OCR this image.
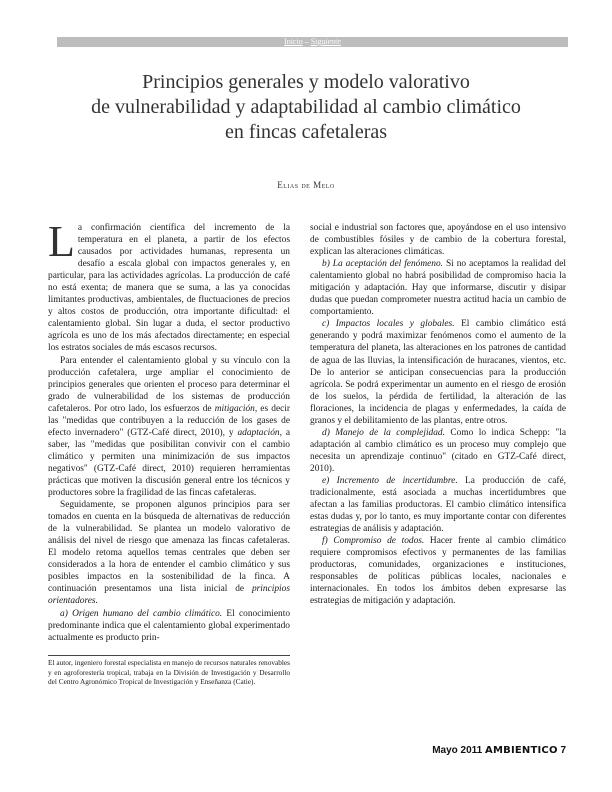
Inicio – Siguiente
Principios generales y modelo valorativo
de vulnerabilidad y adaptabilidad al cambio climático
en fincas cafetaleras
Elias de Melo

La confirmación científica del incremento de la temperatura en el planeta, a partir de los efectos causados por actividades humanas, representa un desafío a escala global con impactos generales y, en particular, para las actividades agrícolas. La producción de café no está exenta; de manera que se suma, a las ya conocidas limitantes productivas, ambientales, de fluctuaciones de precios y altos costos de producción, otra importante dificultad: el calentamiento global. Sin lugar a duda, el sector productivo agrícola es uno de los más afectados directamente; en especial los estratos sociales de más escasos recursos.

Para entender el calentamiento global y su vínculo con la producción cafetalera, urge ampliar el conocimiento de principios generales que orienten el proceso para determinar el grado de vulnerabilidad de los sistemas de producción cafetaleros. Por otro lado, los esfuerzos de mitigación, es decir las "medidas que contribuyen a la reducción de los gases de efecto invernadero" (GTZ-Café direct, 2010), y adaptación, a saber, las "medidas que posibilitan convivir con el cambio climático y permiten una minimización de sus impactos negativos" (GTZ-Café direct, 2010) requieren herramientas prácticas que motiven la discusión general entre los técnicos y productores sobre la fragilidad de las fincas cafetaleras.

Seguidamente, se proponen algunos principios para ser tomados en cuenta en la búsqueda de alternativas de reducción de la vulnerabilidad. Se plantea un modelo valorativo de análisis del nivel de riesgo que amenaza las fincas cafetaleras. El modelo retoma aquellos temas centrales que deben ser considerados a la hora de entender el cambio climático y sus posibles impactos en la sostenibilidad de la finca. A continuación presentamos una lista inicial de principios orientadores.

a) Origen humano del cambio climático. El conocimiento predominante indica que el calentamiento global experimentado actualmente es producto prin-

El autor, ingeniero forestal especialista en manejo de recursos naturales renovables y en agroforestería tropical, trabaja en la División de Investigación y Desarrollo del Centro Agronómico Tropical de Investigación y Enseñanza (Catie).

social e industrial son factores que, apoyándose en el uso intensivo de combustibles fósiles y de cambio de la cobertura forestal, explican las alteraciones climáticas.

b) La aceptación del fenómeno. Si no aceptamos la realidad del calentamiento global no habrá posibilidad de compromiso hacia la mitigación y adaptación. Hay que informarse, discutir y disipar dudas que puedan comprometer nuestra actitud hacia un cambio de comportamiento.

c) Impactos locales y globales. El cambio climático está generando y podrá maximizar fenómenos como el aumento de la temperatura del planeta, las alteraciones en los patrones de cantidad de agua de las lluvias, la intensificación de huracanes, vientos, etc. De lo anterior se anticipan consecuencias para la producción agrícola. Se podrá experimentar un aumento en el riesgo de erosión de los suelos, la pérdida de fertilidad, la alteración de las floraciones, la incidencia de plagas y enfermedades, la caída de granos y el debilitamiento de las plantas, entre otros.

d) Manejo de la complejidad. Como lo indica Schepp: "la adaptación al cambio climático es un proceso muy complejo que necesita un aprendizaje continuo" (citado en GTZ-Café direct, 2010).

e) Incremento de incertidumbre. La producción de café, tradicionalmente, está asociada a muchas incertidumbres que afectan a las familias productoras. El cambio climático intensifica estas dudas y, por lo tanto, es muy importante contar con diferentes estrategias de análisis y adaptación.

f) Compromiso de todos. Hacer frente al cambio climático requiere compromisos efectivos y permanentes de las familias productoras, comunidades, organizaciones e instituciones, responsables de políticas públicas locales, nacionales e internacionales. En todos los ámbitos deben expresarse las estrategias de mitigación y adaptación.

Mayo 2011 AMBIENTICO 7
